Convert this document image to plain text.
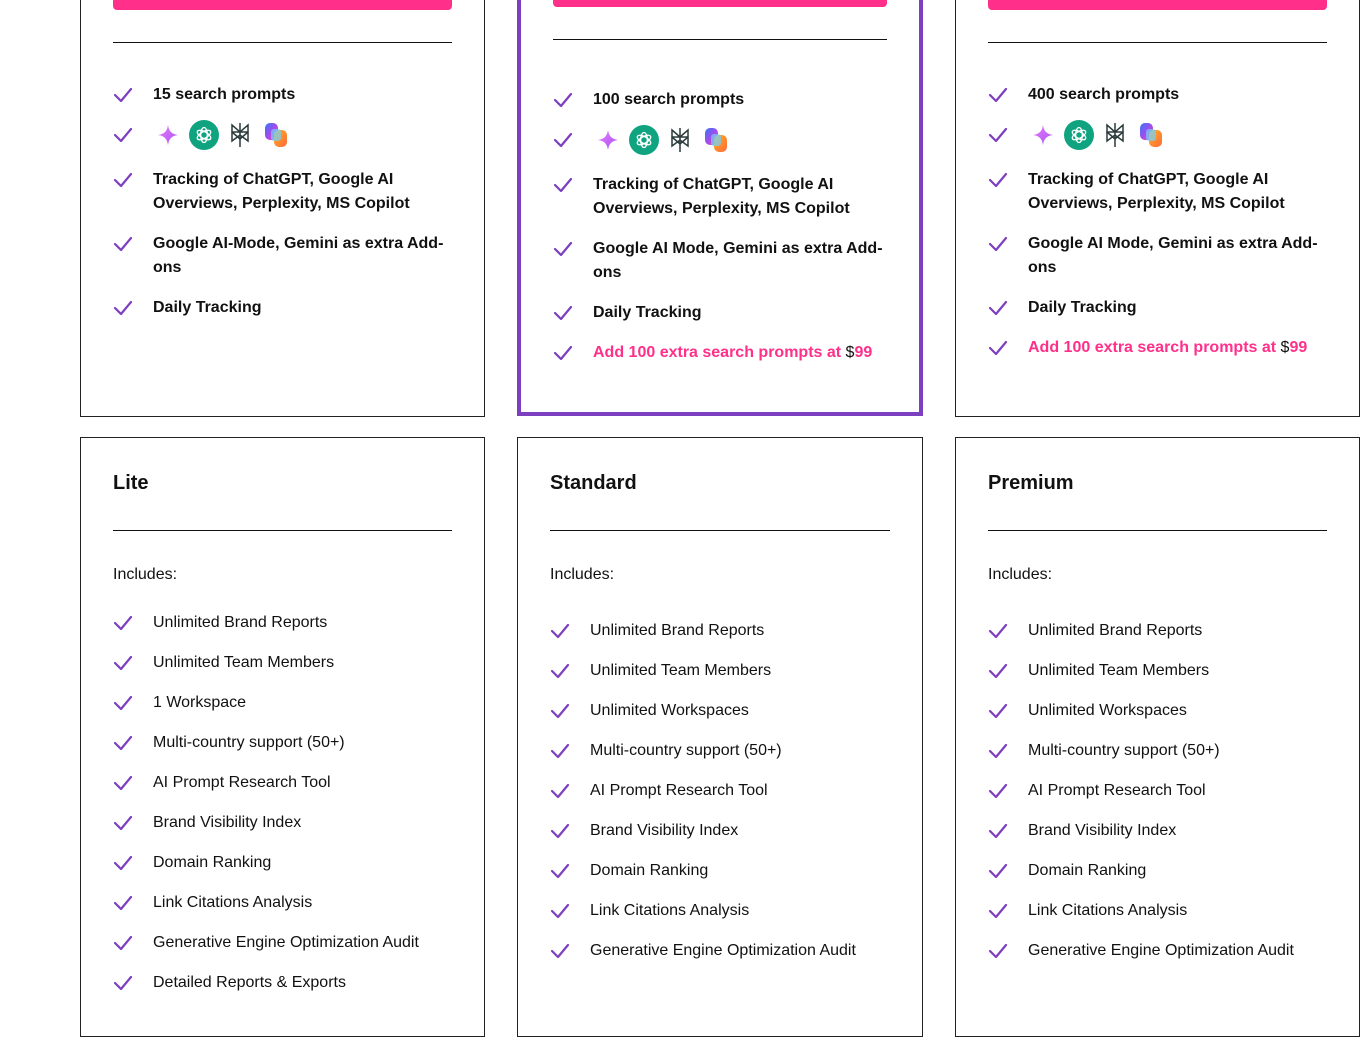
15 search prompts
Tracking of ChatGPT, Google AI Overviews, Perplexity, MS Copilot
Google AI-Mode, Gemini as extra Add-ons
Daily Tracking
100 search prompts
Tracking of ChatGPT, Google AI Overviews, Perplexity, MS Copilot
Google AI Mode, Gemini as extra Add-ons
Daily Tracking
Add 100 extra search prompts at $99
400 search prompts
Tracking of ChatGPT, Google AI Overviews, Perplexity, MS Copilot
Google AI Mode, Gemini as extra Add-ons
Daily Tracking
Add 100 extra search prompts at $99
Lite	Standard	Premium
Includes:	Includes:	Includes:
Unlimited Brand Reports
Unlimited Team Members
1 Workspace
Multi-country support (50+)
AI Prompt Research Tool
Brand Visibility Index
Domain Ranking
Link Citations Analysis
Generative Engine Optimization Audit
Detailed Reports & Exports
Unlimited Brand Reports
Unlimited Team Members
Unlimited Workspaces
Multi-country support (50+)
AI Prompt Research Tool
Brand Visibility Index
Domain Ranking
Link Citations Analysis
Generative Engine Optimization Audit
Unlimited Brand Reports
Unlimited Team Members
Unlimited Workspaces
Multi-country support (50+)
AI Prompt Research Tool
Brand Visibility Index
Domain Ranking
Link Citations Analysis
Generative Engine Optimization Audit
